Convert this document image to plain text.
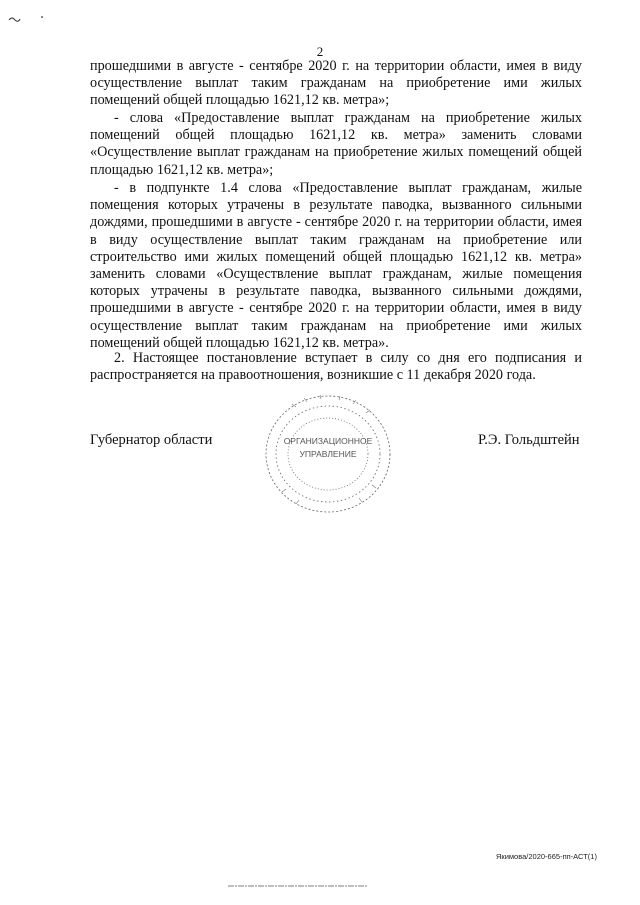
2

прошедшими в августе - сентябре 2020 г. на территории области, имея в виду осуществление выплат таким гражданам на приобретение ими жилых помещений общей площадью 1621,12 кв. метра»;

- слова «Предоставление выплат гражданам на приобретение жилых помещений общей площадью 1621,12 кв. метра» заменить словами «Осуществление выплат гражданам на приобретение жилых помещений общей площадью 1621,12 кв. метра»;

- в подпункте 1.4 слова «Предоставление выплат гражданам, жилые помещения которых утрачены в результате паводка, вызванного сильными дождями, прошедшими в августе - сентябре 2020 г. на территории области, имея в виду осуществление выплат таким гражданам на приобретение или строительство ими жилых помещений общей площадью 1621,12 кв. метра» заменить словами «Осуществление выплат гражданам, жилые помещения которых утрачены в результате паводка, вызванного сильными дождями, прошедшими в августе - сентябре 2020 г. на территории области, имея в виду осуществление выплат таким гражданам на приобретение ими жилых помещений общей площадью 1621,12 кв. метра».

2. Настоящее постановление вступает в силу со дня его подписания и распространяется на правоотношения, возникшие с 11 декабря 2020 года.

Губернатор области	ОРГАНИЗАЦИОННОЕ
УПРАВЛЕНИЕ
Р.Э. Гольдштейн
Якимова/2020-665-пп-АСТ(1)
